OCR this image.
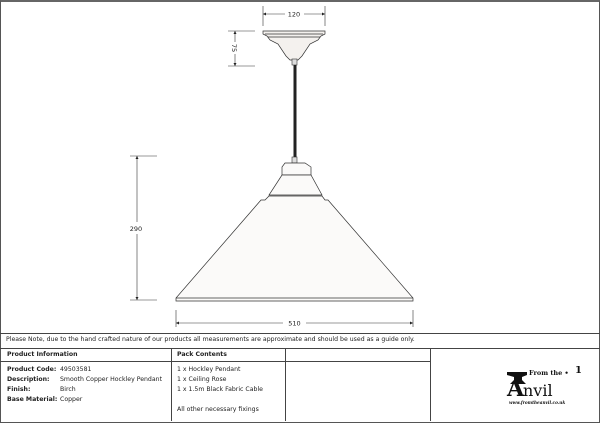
120
75
290
510
Please Note, due to the hand crafted nature of our products all measurements are approximate and should be used as a guide only.
Product Information
Product Code: 49503581
Description: Smooth Copper Hockley Pendant
Finish:	Birch
Base Material: Copper
Pack Contents
1 x Hockley Pendant
1 x Ceiling Rose
1 x 1.5m Black Fabric Cable
All other necessary fixings
From the • 1
A
nvil
www.fromtheanvil.co.uk
